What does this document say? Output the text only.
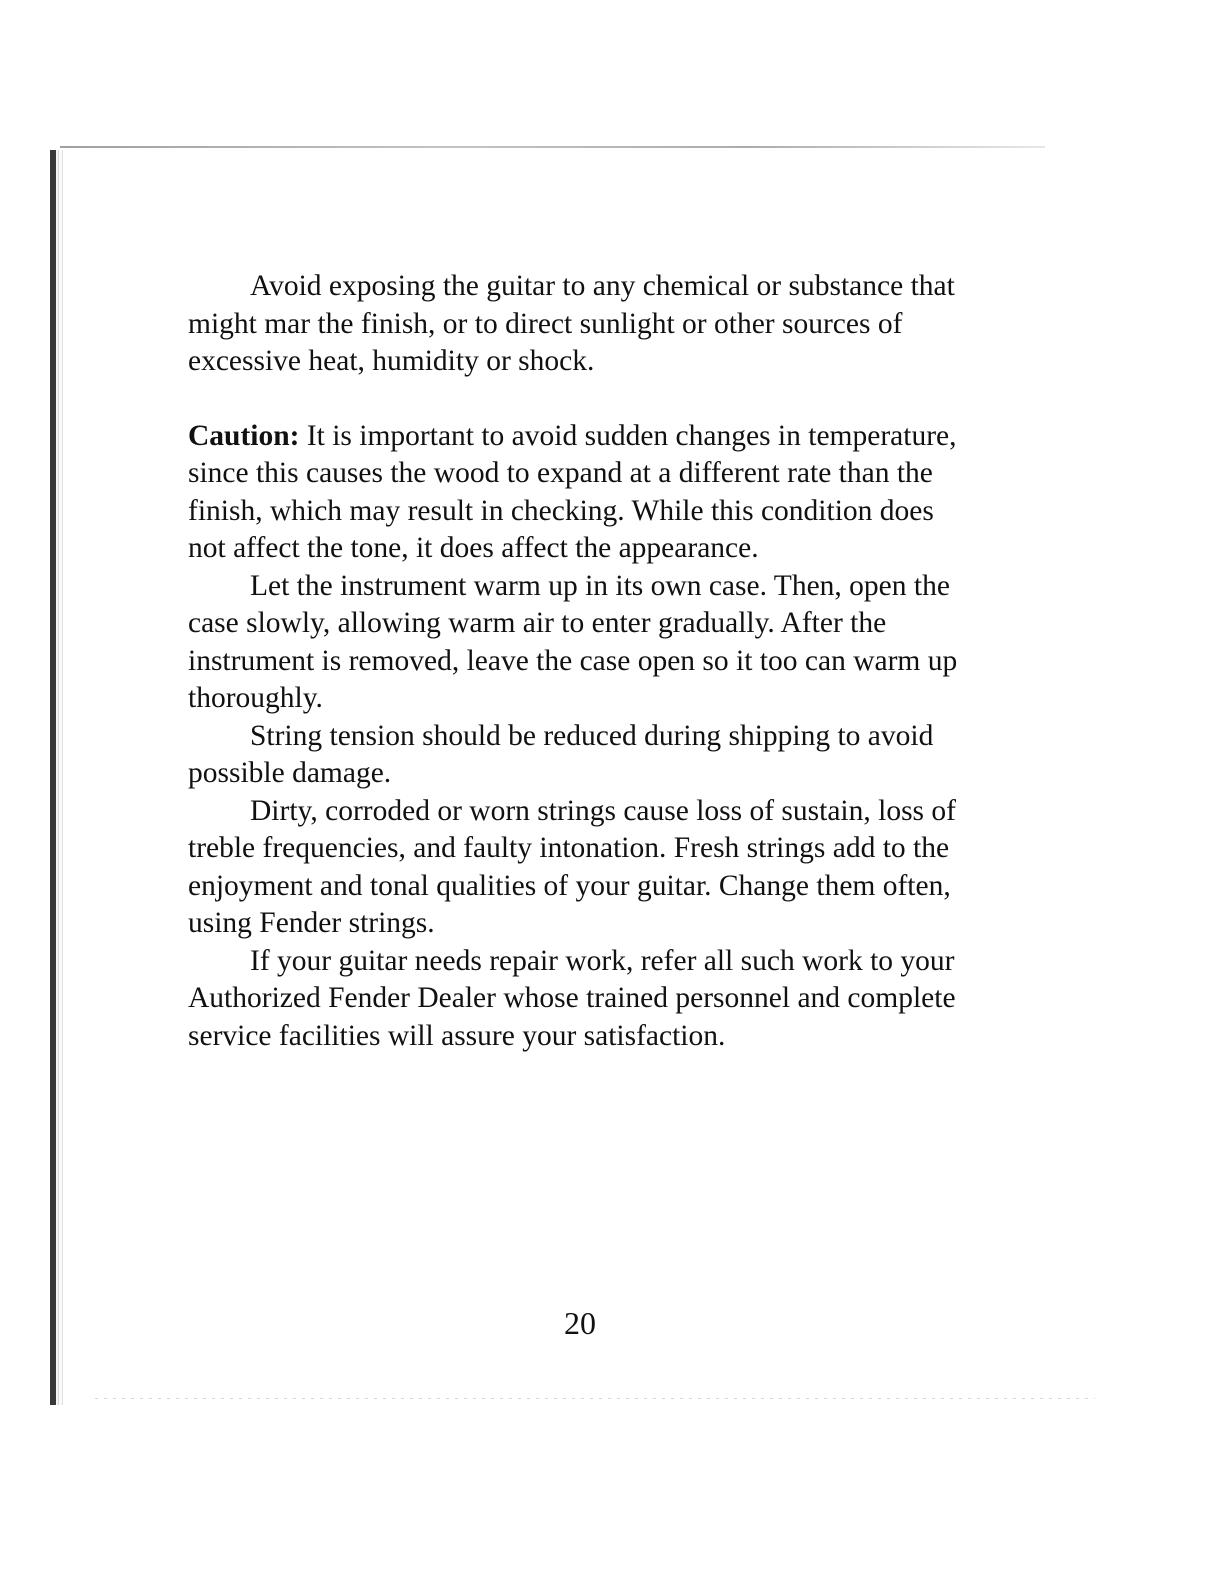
Avoid exposing the guitar to any chemical or substance that might mar the finish, or to direct sunlight or other sources of excessive heat, humidity or shock.

Caution: It is important to avoid sudden changes in temperature, since this causes the wood to expand at a different rate than the finish, which may result in checking. While this condition does not affect the tone, it does affect the appearance.

Let the instrument warm up in its own case. Then, open the case slowly, allowing warm air to enter gradually. After the instrument is removed, leave the case open so it too can warm up thoroughly.

String tension should be reduced during shipping to avoid possible damage.

Dirty, corroded or worn strings cause loss of sustain, loss of treble frequencies, and faulty intonation. Fresh strings add to the enjoyment and tonal qualities of your guitar. Change them often, using Fender strings.

If your guitar needs repair work, refer all such work to your Authorized Fender Dealer whose trained personnel and complete service facilities will assure your satisfaction.

20
